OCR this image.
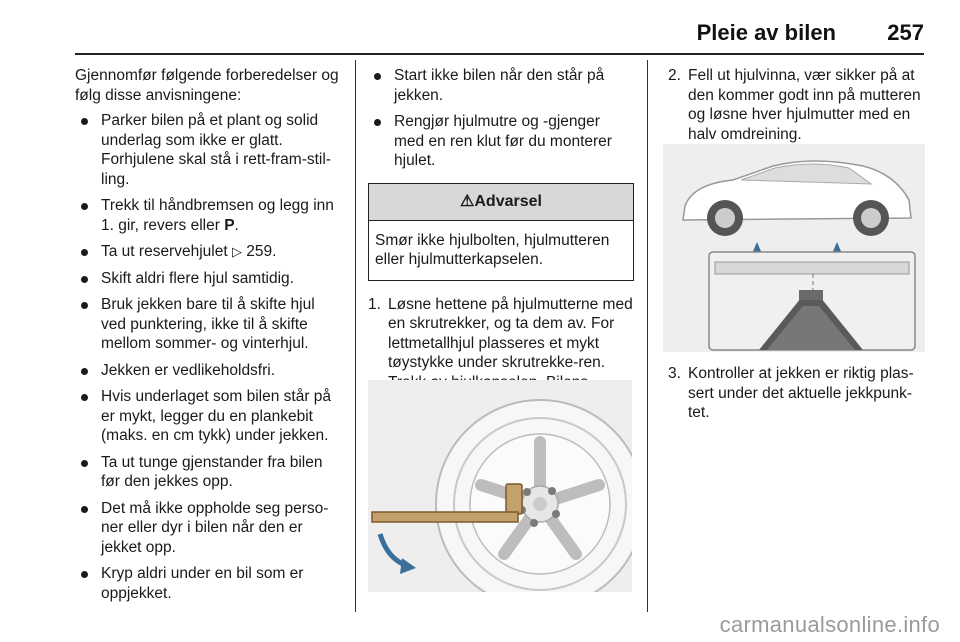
Pleie av bilen 257

Gjennomfør følgende forberedelser og følg disse anvisningene:

Parker bilen på et plant og solid underlag som ikke er glatt. Forhjulene skal stå i rett-fram-stil-ling.
Trekk til håndbremsen og legg inn 1. gir, revers eller P.
Ta ut reservehjulet ▷ 259.
Skift aldri flere hjul samtidig.
Bruk jekken bare til å skifte hjul ved punktering, ikke til å skifte mellom sommer- og vinterhjul.
Jekken er vedlikeholdsfri.
Hvis underlaget som bilen står på er mykt, legger du en plankebit (maks. en cm tykk) under jekken.
Ta ut tunge gjenstander fra bilen før den jekkes opp.
Det må ikke oppholde seg perso-ner eller dyr i bilen når den er jekket opp.
Kryp aldri under en bil som er oppjekket.
Start ikke bilen når den står på jekken.
Rengjør hjulmutre og -gjenger med en ren klut før du monterer hjulet.
⚠Advarsel
Smør ikke hjulbolten, hjulmutteren eller hjulmutterkapselen.
1. Løsne hettene på hjulmutterne med en skrutrekker, og ta dem av. For lettmetallhjul plasseres et mykt tøystykke under skrutrekke-ren.
2. Fell ut hjulvinna, vær sikker på at den kommer godt inn på mutteren og løsne hver hjulmutter med en halv omdreining.
3. Kontroller at jekken er riktig plas-sert under det aktuelle jekkpunk-tet.
carmanualsonline.info
